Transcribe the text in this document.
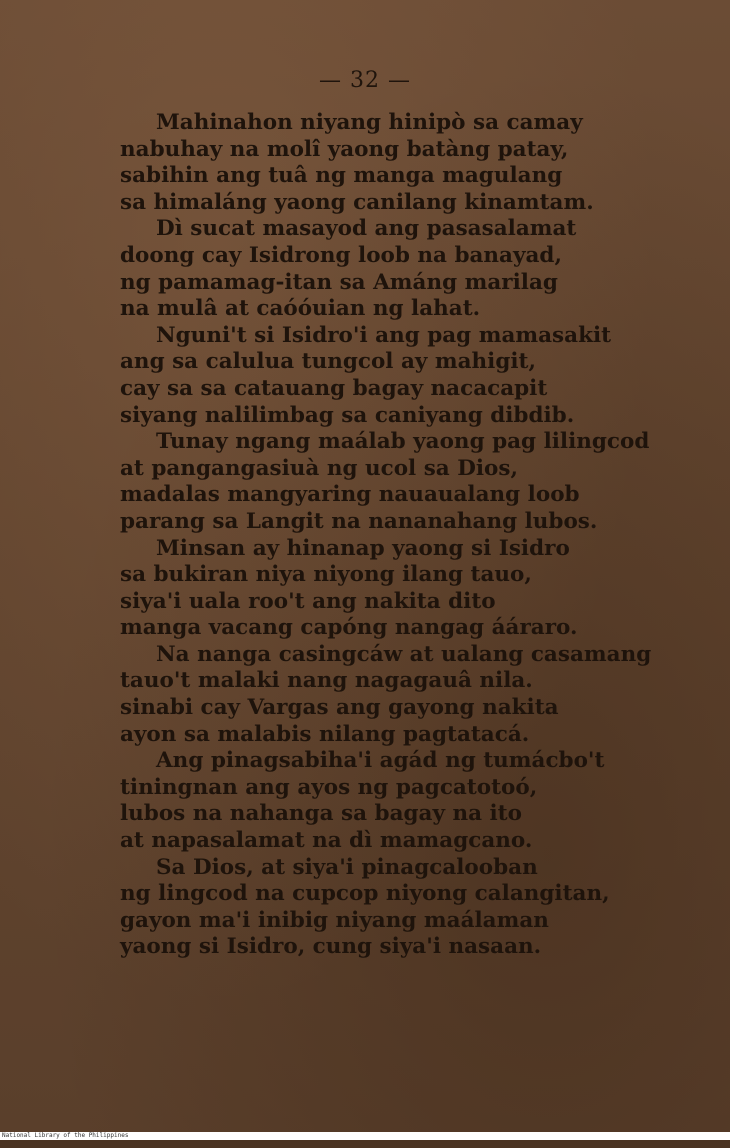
— 32 —
Mahinahon niyang hinipò sa camay
nabuhay na molî yaong batàng patay,
sabihin ang tuâ ng manga magulang
sa himaláng yaong canilang kinamtam.
Dì sucat masayod ang pasasalamat
doong cay Isidrong loob na banayad,
ng pamamag-itan sa Amáng marilag
na mulâ at caóóuian ng lahat.
Nguni't si Isidro'i ang pag mamasakit
ang sa calulua tungcol ay mahigit,
cay sa sa catauang bagay nacacapit
siyang nalilimbag sa caniyang dibdib.
Tunay ngang maálab yaong pag lilingcod
at pangangasiuà ng ucol sa Dios,
madalas mangyaring nauaualang loob
parang sa Langit na nananahang lubos.
Minsan ay hinanap yaong si Isidro
sa bukiran niya niyong ilang tauo,
siya'i uala roo't ang nakita dito
manga vacang capóng nangag ááraro.
Na nanga casingcáw at ualang casamang
tauo't malaki nang nagagauâ nila.
sinabi cay Vargas ang gayong nakita
ayon sa malabis nilang pagtatacá.
Ang pinagsabiha'i agád ng tumácbo't
tiningnan ang ayos ng pagcatotoó,
lubos na nahanga sa bagay na ito
at napasalamat na dì mamagcano.
Sa Dios, at siya'i pinagcalooban
ng lingcod na cupcop niyong calangitan,
gayon ma'i inibig niyang maálaman
yaong si Isidro, cung siya'i nasaan.
National Library of the Philippines
